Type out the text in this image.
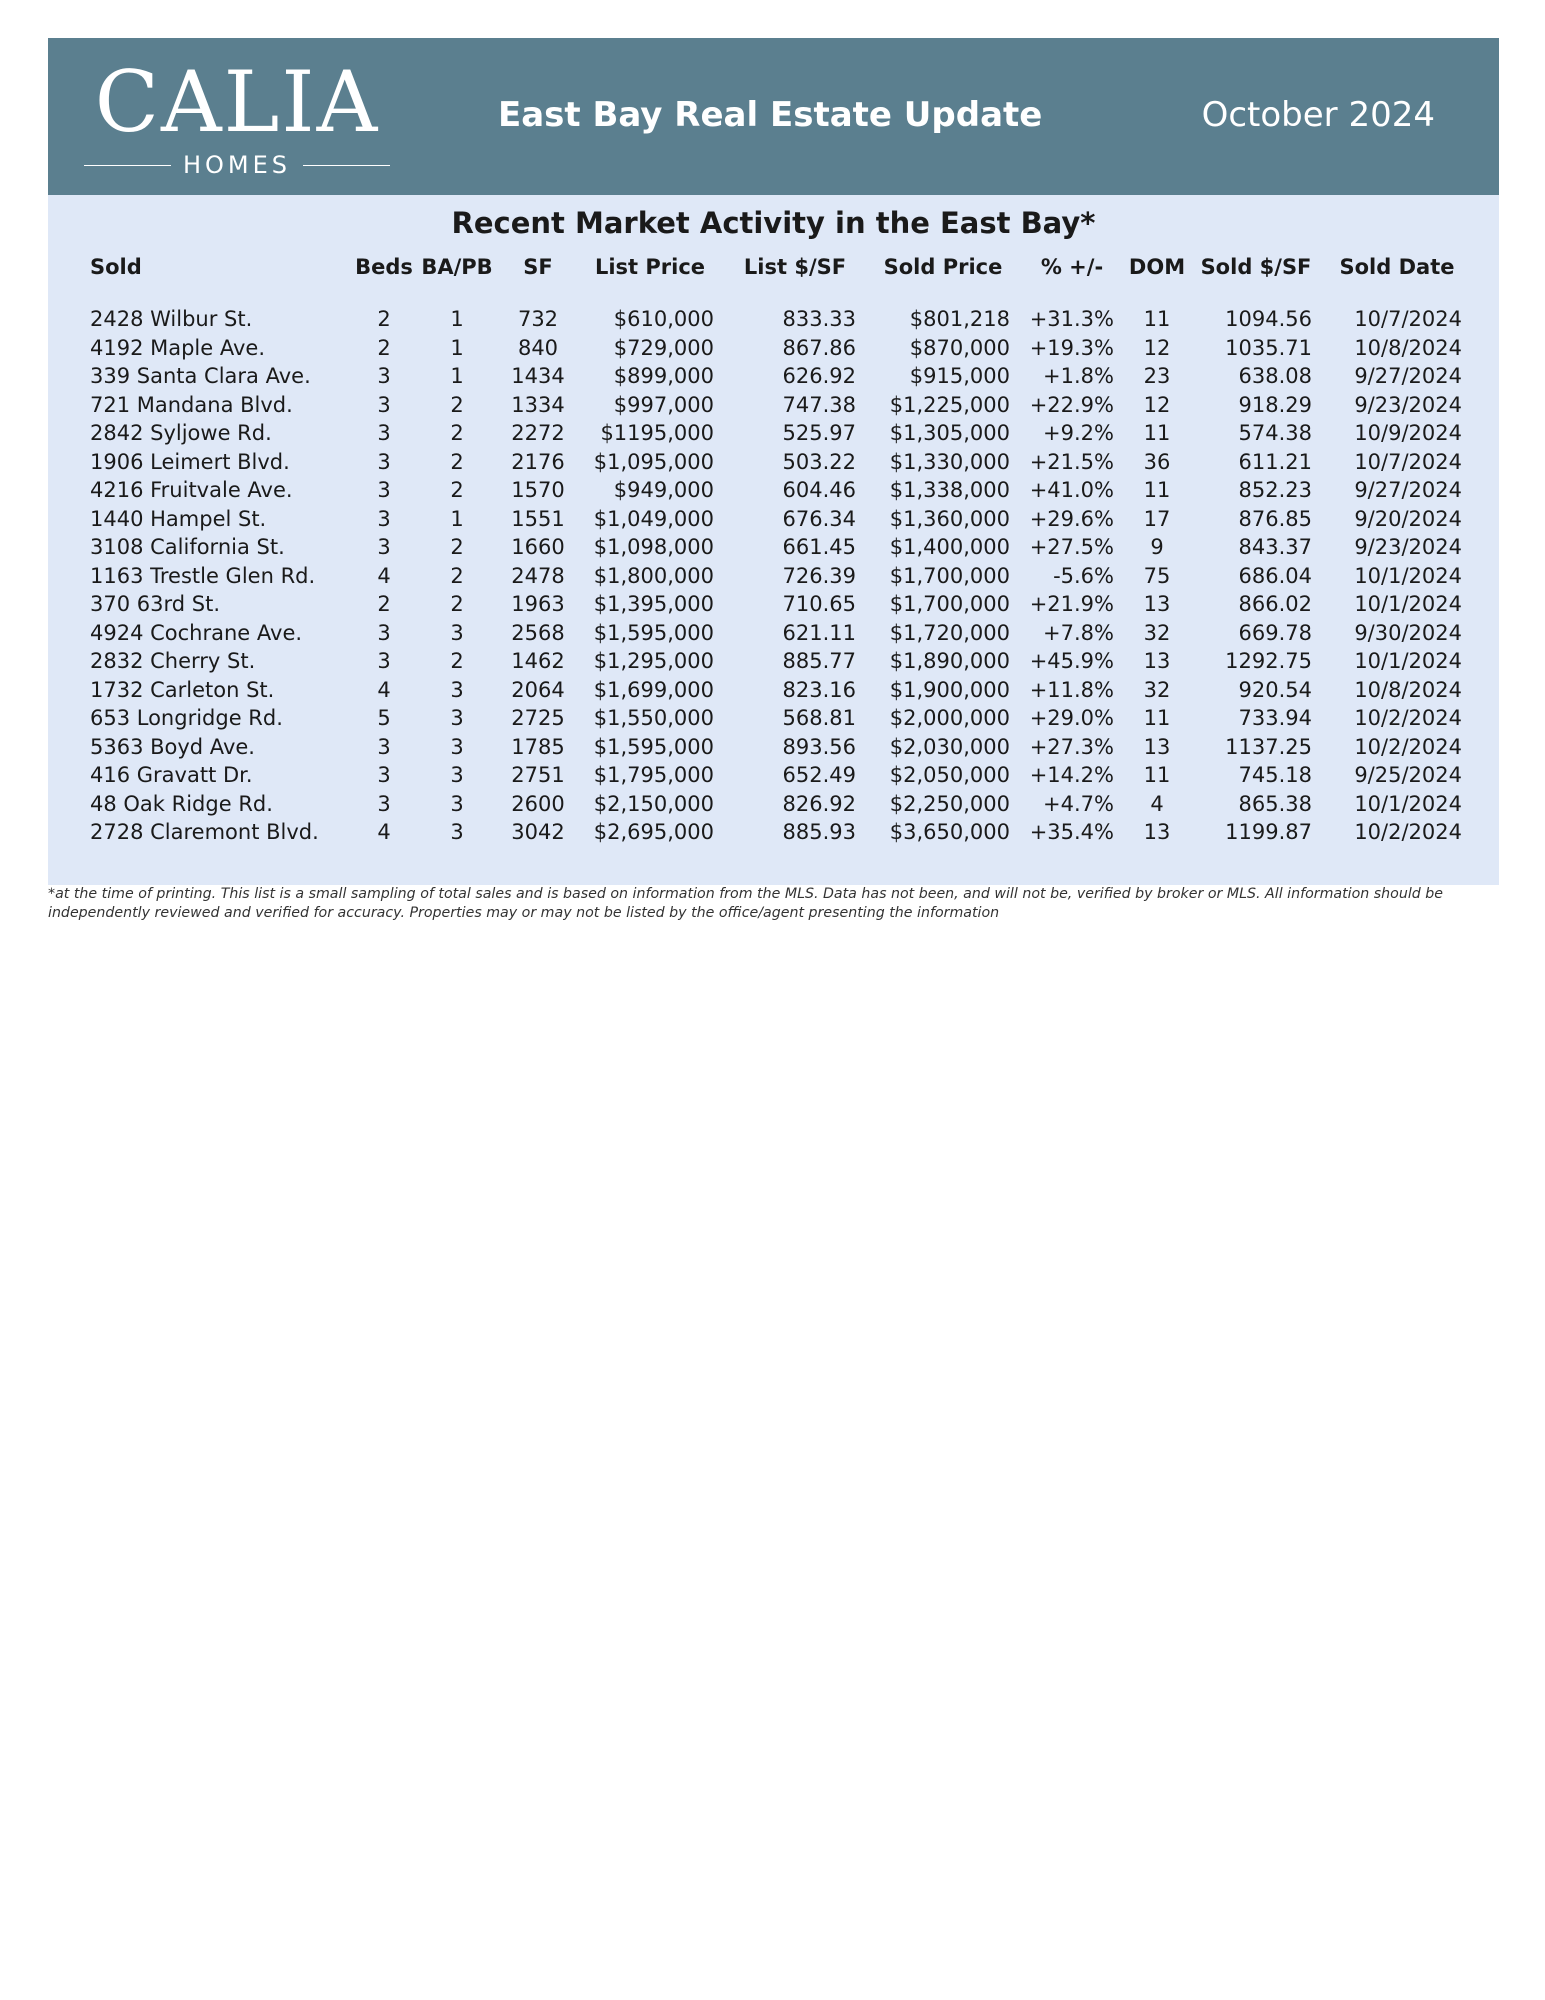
CALIA
HOMES
East Bay Real Estate Update	October 2024
Recent Market Activity in the East Bay*
Sold	Beds	BA/PB	SF	List Price	List $/SF	Sold Price	% +/-	DOM	Sold $/SF	Sold Date
2428 Wilbur St.	2	1	732	$610,000	833.33	$801,218	+31.3%	11	1094.56	10/7/2024
4192 Maple Ave.	2	1	840	$729,000	867.86	$870,000	+19.3%	12	1035.71	10/8/2024
339 Santa Clara Ave.	3	1	1434	$899,000	626.92	$915,000	+1.8%	23	638.08	9/27/2024
721 Mandana Blvd.	3	2	1334	$997,000	747.38	$1,225,000	+22.9%	12	918.29	9/23/2024
2842 Syljowe Rd.	3	2	2272	$1195,000	525.97	$1,305,000	+9.2%	11	574.38	10/9/2024
1906 Leimert Blvd.	3	2	2176	$1,095,000	503.22	$1,330,000	+21.5%	36	611.21	10/7/2024
4216 Fruitvale Ave.	3	2	1570	$949,000	604.46	$1,338,000	+41.0%	11	852.23	9/27/2024
1440 Hampel St.	3	1	1551	$1,049,000	676.34	$1,360,000	+29.6%	17	876.85	9/20/2024
3108 California St.	3	2	1660	$1,098,000	661.45	$1,400,000	+27.5%	9	843.37	9/23/2024
1163 Trestle Glen Rd.	4	2	2478	$1,800,000	726.39	$1,700,000	-5.6%	75	686.04	10/1/2024
370 63rd St.	2	2	1963	$1,395,000	710.65	$1,700,000	+21.9%	13	866.02	10/1/2024
4924 Cochrane Ave.	3	3	2568	$1,595,000	621.11	$1,720,000	+7.8%	32	669.78	9/30/2024
2832 Cherry St.	3	2	1462	$1,295,000	885.77	$1,890,000	+45.9%	13	1292.75	10/1/2024
1732 Carleton St.	4	3	2064	$1,699,000	823.16	$1,900,000	+11.8%	32	920.54	10/8/2024
653 Longridge Rd.	5	3	2725	$1,550,000	568.81	$2,000,000	+29.0%	11	733.94	10/2/2024
5363 Boyd Ave.	3	3	1785	$1,595,000	893.56	$2,030,000	+27.3%	13	1137.25	10/2/2024
416 Gravatt Dr.	3	3	2751	$1,795,000	652.49	$2,050,000	+14.2%	11	745.18	9/25/2024
48 Oak Ridge Rd.	3	3	2600	$2,150,000	826.92	$2,250,000	+4.7%	4	865.38	10/1/2024
2728 Claremont Blvd.	4	3	3042	$2,695,000	885.93	$3,650,000	+35.4%	13	1199.87	10/2/2024
*at the time of printing. This list is a small sampling of total sales and is based on information from the MLS. Data has not been, and will not be, verified by broker or MLS. All information should be independently reviewed and verified for accuracy. Properties may or may not be listed by the office/agent presenting the information
